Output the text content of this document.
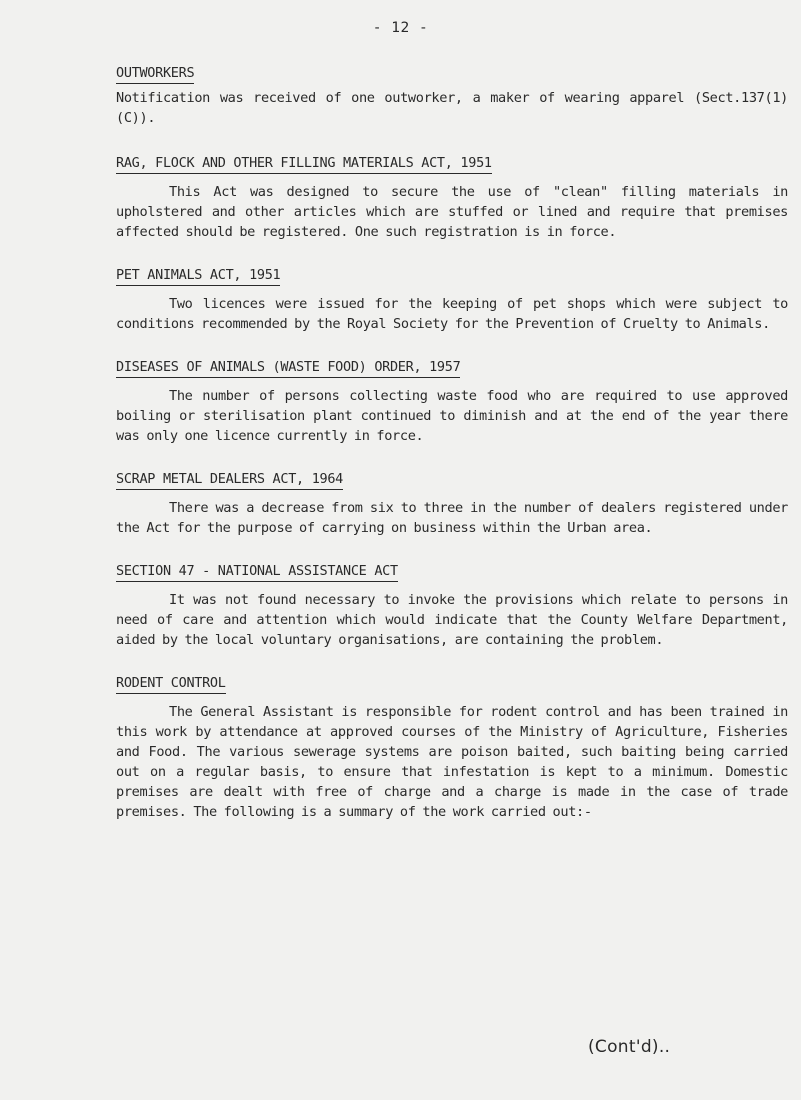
- 12 -
OUTWORKERS

Notification was received of one outworker, a maker of wearing apparel (Sect.137(1)(C)).

RAG, FLOCK AND OTHER FILLING MATERIALS ACT, 1951

This Act was designed to secure the use of "clean" filling materials in upholstered and other articles which are stuffed or lined and require that premises affected should be registered. One such registration is in force.

PET ANIMALS ACT, 1951

Two licences were issued for the keeping of pet shops which were subject to conditions recommended by the Royal Society for the Prevention of Cruelty to Animals.

DISEASES OF ANIMALS (WASTE FOOD) ORDER, 1957

The number of persons collecting waste food who are required to use approved boiling or sterilisation plant continued to diminish and at the end of the year there was only one licence currently in force.

SCRAP METAL DEALERS ACT, 1964

There was a decrease from six to three in the number of dealers registered under the Act for the purpose of carrying on business within the Urban area.

SECTION 47 - NATIONAL ASSISTANCE ACT

It was not found necessary to invoke the provisions which relate to persons in need of care and attention which would indicate that the County Welfare Department, aided by the local voluntary organisations, are containing the problem.

RODENT CONTROL

The General Assistant is responsible for rodent control and has been trained in this work by attendance at approved courses of the Ministry of Agriculture, Fisheries and Food. The various sewerage systems are poison baited, such baiting being carried out on a regular basis, to ensure that infestation is kept to a minimum. Domestic premises are dealt with free of charge and a charge is made in the case of trade premises. The following is a summary of the work carried out:-

(Cont'd)..
